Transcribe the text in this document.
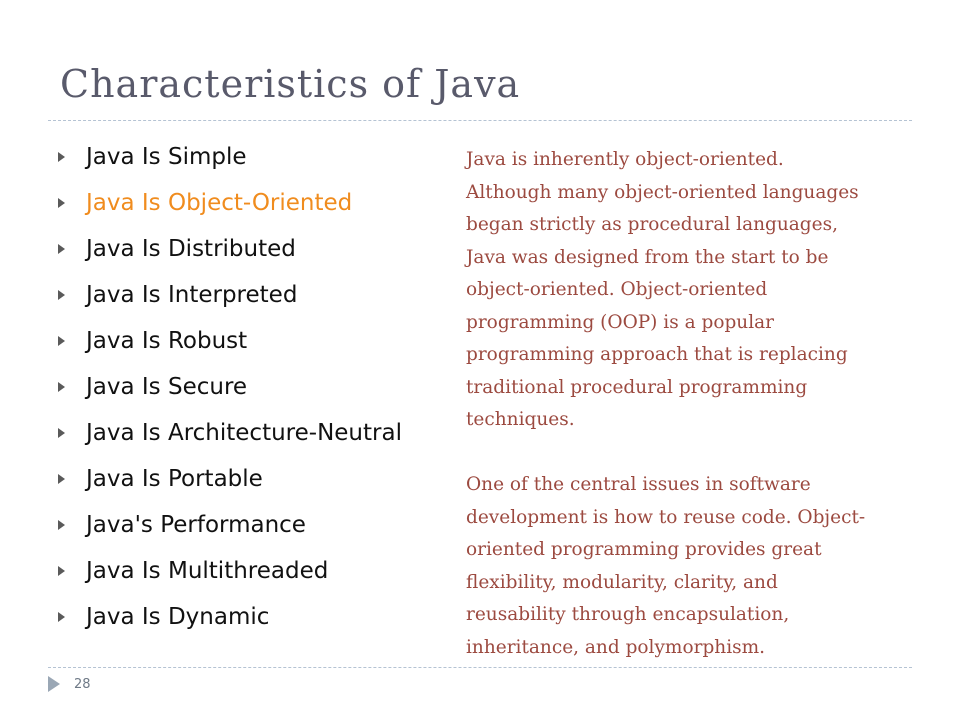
Characteristics of Java
Java Is Simple
Java Is Object-Oriented
Java Is Distributed
Java Is Interpreted
Java Is Robust
Java Is Secure
Java Is Architecture-Neutral
Java Is Portable
Java's Performance
Java Is Multithreaded
Java Is Dynamic

Java is inherently object-oriented.
Although many object-oriented languages
began strictly as procedural languages,
Java was designed from the start to be
object-oriented. Object-oriented
programming (OOP) is a popular
programming approach that is replacing
traditional procedural programming
techniques.

One of the central issues in software
development is how to reuse code. Object-
oriented programming provides great
flexibility, modularity, clarity, and
reusability through encapsulation,
inheritance, and polymorphism.

28
